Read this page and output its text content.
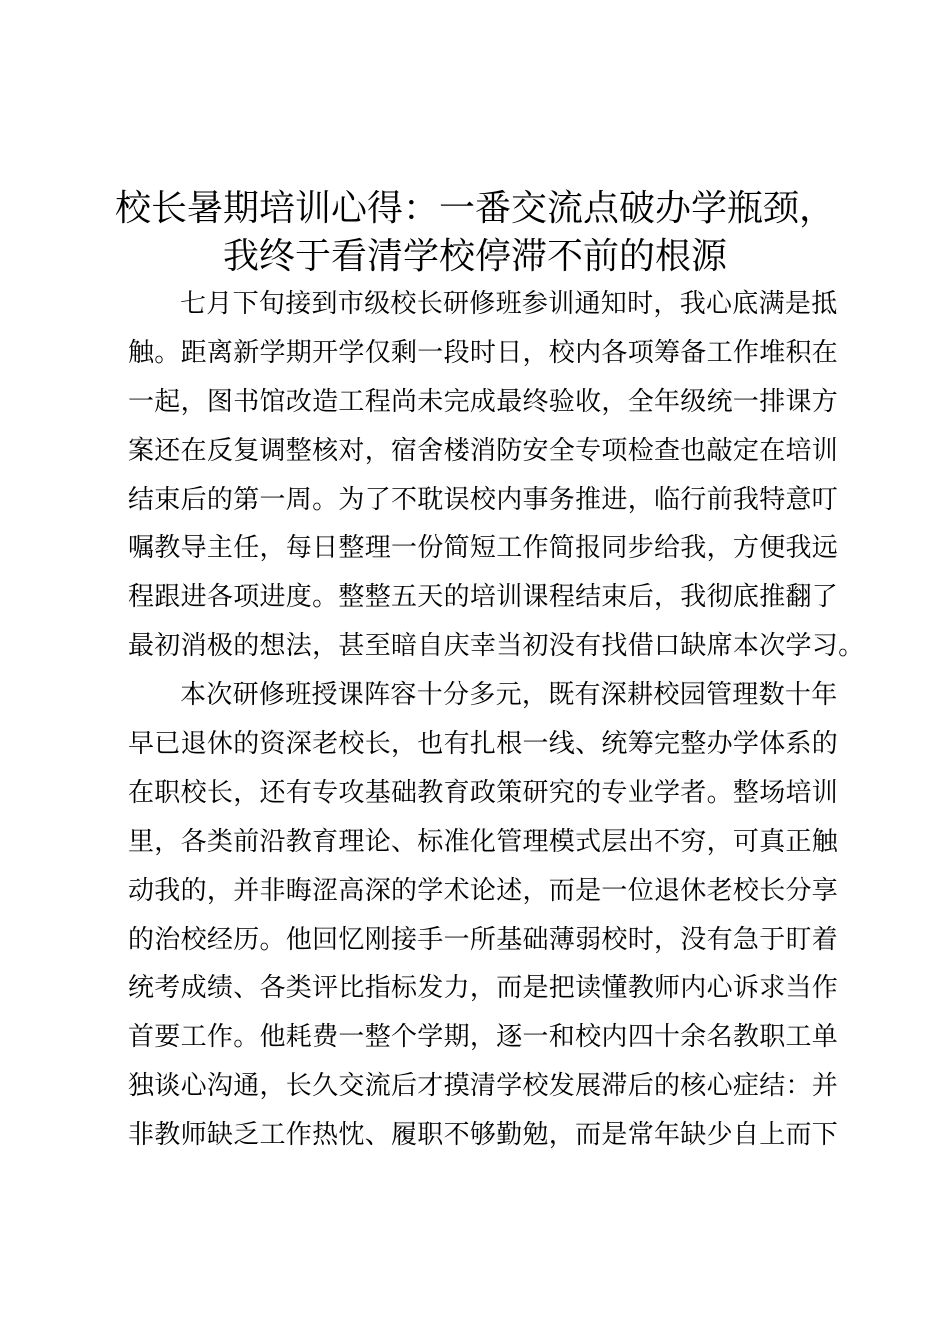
校长暑期培训心得：一番交流点破办学瓶颈，
我终于看清学校停滞不前的根源
七月下旬接到市级校长研修班参训通知时，我心底满是抵
触。距离新学期开学仅剩一段时日，校内各项筹备工作堆积在
一起，图书馆改造工程尚未完成最终验收，全年级统一排课方
案还在反复调整核对，宿舍楼消防安全专项检查也敲定在培训
结束后的第一周。为了不耽误校内事务推进，临行前我特意叮
嘱教导主任，每日整理一份简短工作简报同步给我，方便我远
程跟进各项进度。整整五天的培训课程结束后，我彻底推翻了
最初消极的想法，甚至暗自庆幸当初没有找借口缺席本次学习。
本次研修班授课阵容十分多元，既有深耕校园管理数十年
早已退休的资深老校长，也有扎根一线、统筹完整办学体系的
在职校长，还有专攻基础教育政策研究的专业学者。整场培训
里，各类前沿教育理论、标准化管理模式层出不穷，可真正触
动我的，并非晦涩高深的学术论述，而是一位退休老校长分享
的治校经历。他回忆刚接手一所基础薄弱校时，没有急于盯着
统考成绩、各类评比指标发力，而是把读懂教师内心诉求当作
首要工作。他耗费一整个学期，逐一和校内四十余名教职工单
独谈心沟通，长久交流后才摸清学校发展滞后的核心症结：并
非教师缺乏工作热忱、履职不够勤勉，而是常年缺少自上而下
